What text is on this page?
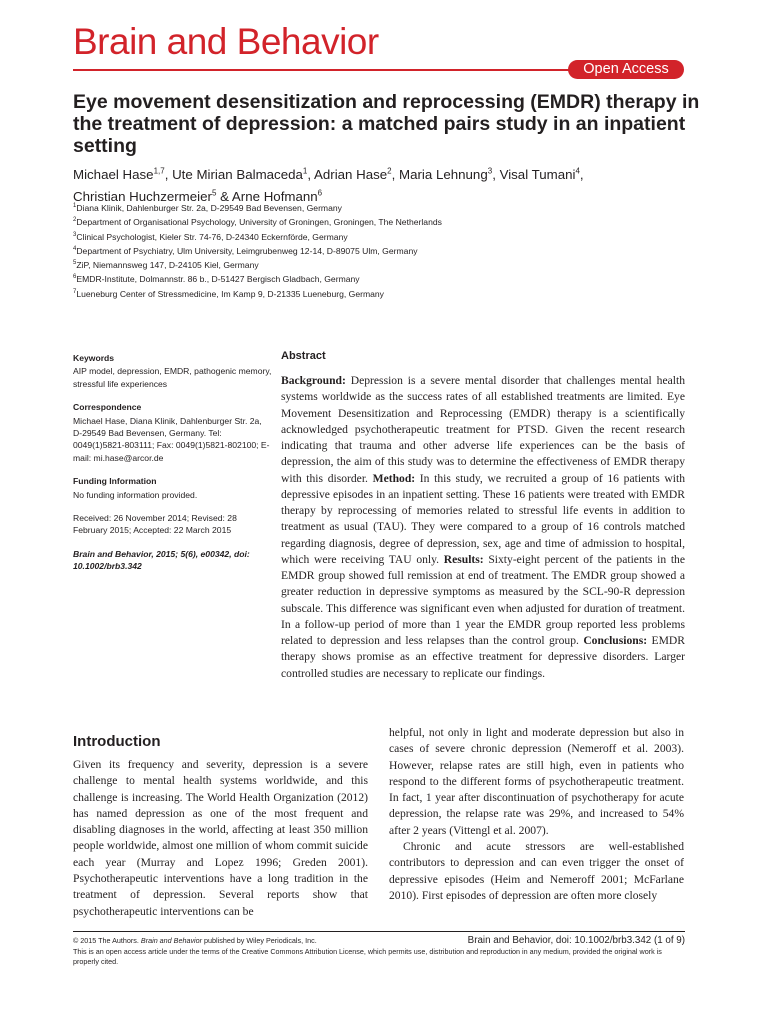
Brain and Behavior
Open Access
Eye movement desensitization and reprocessing (EMDR) therapy in the treatment of depression: a matched pairs study in an inpatient setting
Michael Hase$^{1,7}$, Ute Mirian Balmaceda$^1$, Adrian Hase$^2$, Maria Lehnung$^3$, Visal Tumani$^4$,
Christian Huchzermeier$^5$ & Arne Hofmann$^6$
$^1$Diana Klinik, Dahlenburger Str. 2a, D-29549 Bad Bevensen, Germany
$^2$Department of Organisational Psychology, University of Groningen, Groningen, The Netherlands
$^3$Clinical Psychologist, Kieler Str. 74-76, D-24340 Eckernförde, Germany
$^4$Department of Psychiatry, Ulm University, Leimgrubenweg 12-14, D-89075 Ulm, Germany
$^5$ZiP, Niemannsweg 147, D-24105 Kiel, Germany
$^6$EMDR-Institute, Dolmannstr. 86 b., D-51427 Bergisch Gladbach, Germany
$^7$Lueneburg Center of Stressmedicine, Im Kamp 9, D-21335 Lueneburg, Germany
Keywords
AIP model, depression, EMDR, pathogenic memory, stressful life experiences
Correspondence
Michael Hase, Diana Klinik, Dahlenburger Str. 2a, D-29549 Bad Bevensen, Germany. Tel: 0049(1)5821-803111; Fax: 0049(1)5821-802100; E-mail: mi.hase@arcor.de
Funding Information
No funding information provided.
Received: 26 November 2014; Revised: 28 February 2015; Accepted: 22 March 2015
Brain and Behavior, 2015; 5(6), e00342, doi: 10.1002/brb3.342
Abstract

Background: Depression is a severe mental disorder that challenges mental health systems worldwide as the success rates of all established treatments are limited. Eye Movement Desensitization and Reprocessing (EMDR) therapy is a scientifically acknowledged psychotherapeutic treatment for PTSD. Given the recent research indicating that trauma and other adverse life experiences can be the basis of depression, the aim of this study was to determine the effectiveness of EMDR therapy with this disorder. Method: In this study, we recruited a group of 16 patients with depressive episodes in an inpatient setting. These 16 patients were treated with EMDR therapy by reprocessing of memories related to stressful life events in addition to treatment as usual (TAU). They were compared to a group of 16 controls matched regarding diagnosis, degree of depression, sex, age and time of admission to hospital, which were receiving TAU only. Results: Sixty-eight percent of the patients in the EMDR group showed full remission at end of treatment. The EMDR group showed a greater reduction in depressive symptoms as measured by the SCL-90-R depression subscale. This difference was significant even when adjusted for duration of treatment. In a follow-up period of more than 1 year the EMDR group reported less problems related to depression and less relapses than the control group. Conclusions: EMDR therapy shows promise as an effective treatment for depressive disorders. Larger controlled studies are necessary to replicate our findings.

Introduction

Given its frequency and severity, depression is a severe challenge to mental health systems worldwide, and this challenge is increasing. The World Health Organization (2012) has named depression as one of the most frequent and disabling diagnoses in the world, affecting at least 350 million people worldwide, almost one million of whom commit suicide each year (Murray and Lopez 1996; Greden 2001). Psychotherapeutic interventions have a long tradition in the treatment of depression. Several reports show that psychotherapeutic interventions can be

helpful, not only in light and moderate depression but also in cases of severe chronic depression (Nemeroff et al. 2003). However, relapse rates are still high, even in patients who respond to the different forms of psychotherapeutic treatment. In fact, 1 year after discontinuation of psychotherapy for acute depression, the relapse rate was 29%, and increased to 54% after 2 years (Vittengl et al. 2007).

Chronic and acute stressors are well-established contributors to depression and can even trigger the onset of depressive episodes (Heim and Nemeroff 2001; McFarlane 2010). First episodes of depression are often more closely

© 2015 The Authors. Brain and Behavior published by Wiley Periodicals, Inc.	Brain and Behavior, doi: 10.1002/brb3.342 (1 of 9)
This is an open access article under the terms of the Creative Commons Attribution License, which permits use, distribution and reproduction in any medium, provided the original work is properly cited.
